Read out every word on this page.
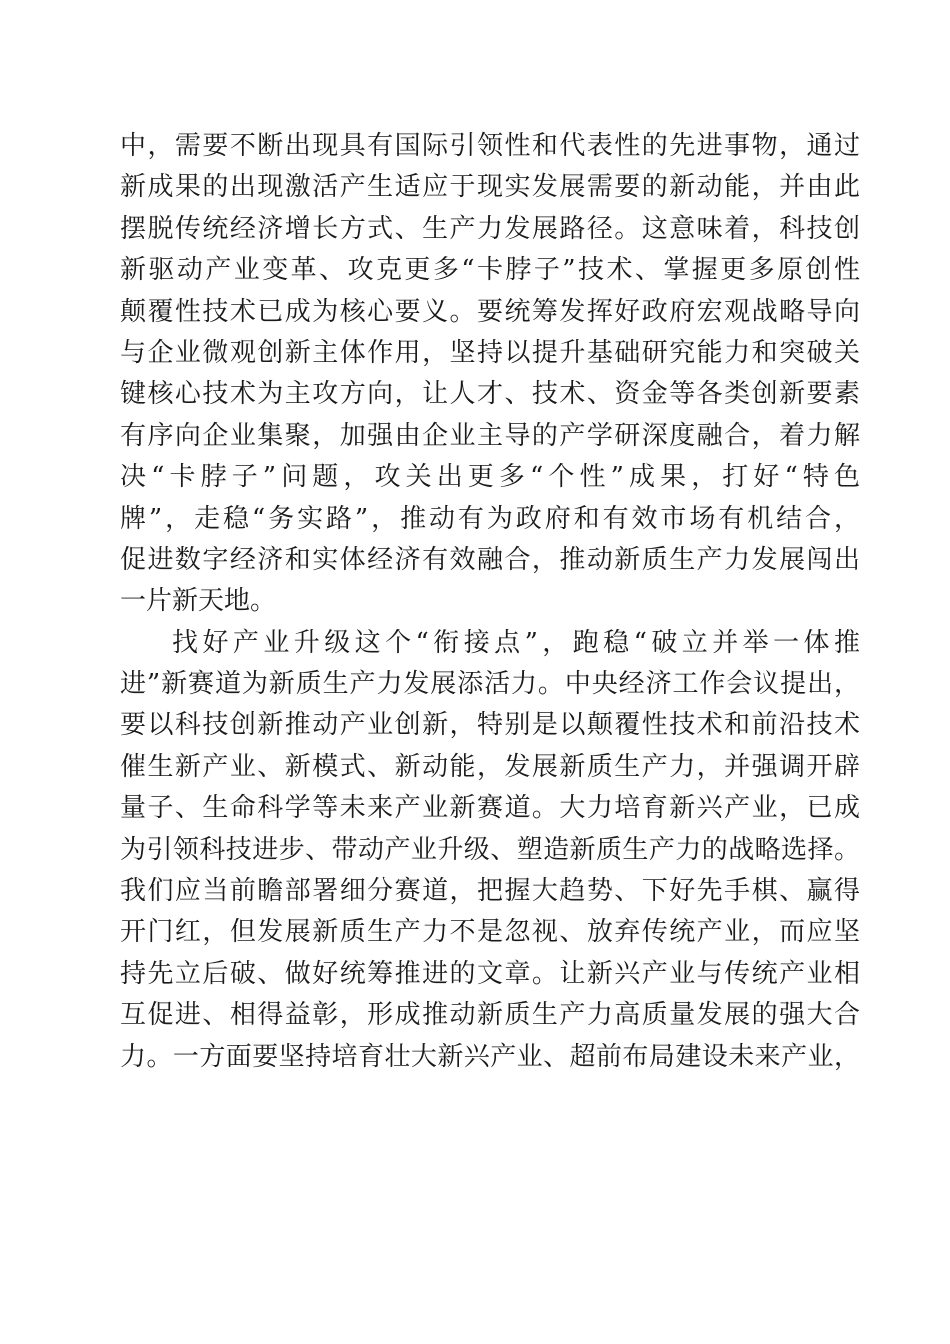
中，需要不断出现具有国际引领性和代表性的先进事物，通过
新成果的出现激活产生适应于现实发展需要的新动能，并由此
摆脱传统经济增长方式、生产力发展路径。这意味着，科技创
新驱动产业变革、攻克更多“卡脖子”技术、掌握更多原创性
颠覆性技术已成为核心要义。要统筹发挥好政府宏观战略导向
与企业微观创新主体作用，坚持以提升基础研究能力和突破关
键核心技术为主攻方向，让人才、技术、资金等各类创新要素
有序向企业集聚，加强由企业主导的产学研深度融合，着力解
决“卡脖子”问题，攻关出更多“个性”成果，打好“特色
牌”，走稳“务实路”，推动有为政府和有效市场有机结合，
促进数字经济和实体经济有效融合，推动新质生产力发展闯出
一片新天地。
找好产业升级这个“衔接点”，跑稳“破立并举一体推
进”新赛道为新质生产力发展添活力。中央经济工作会议提出，
要以科技创新推动产业创新，特别是以颠覆性技术和前沿技术
催生新产业、新模式、新动能，发展新质生产力，并强调开辟
量子、生命科学等未来产业新赛道。大力培育新兴产业，已成
为引领科技进步、带动产业升级、塑造新质生产力的战略选择。
我们应当前瞻部署细分赛道，把握大趋势、下好先手棋、赢得
开门红，但发展新质生产力不是忽视、放弃传统产业，而应坚
持先立后破、做好统筹推进的文章。让新兴产业与传统产业相
互促进、相得益彰，形成推动新质生产力高质量发展的强大合
力。一方面要坚持培育壮大新兴产业、超前布局建设未来产业，
